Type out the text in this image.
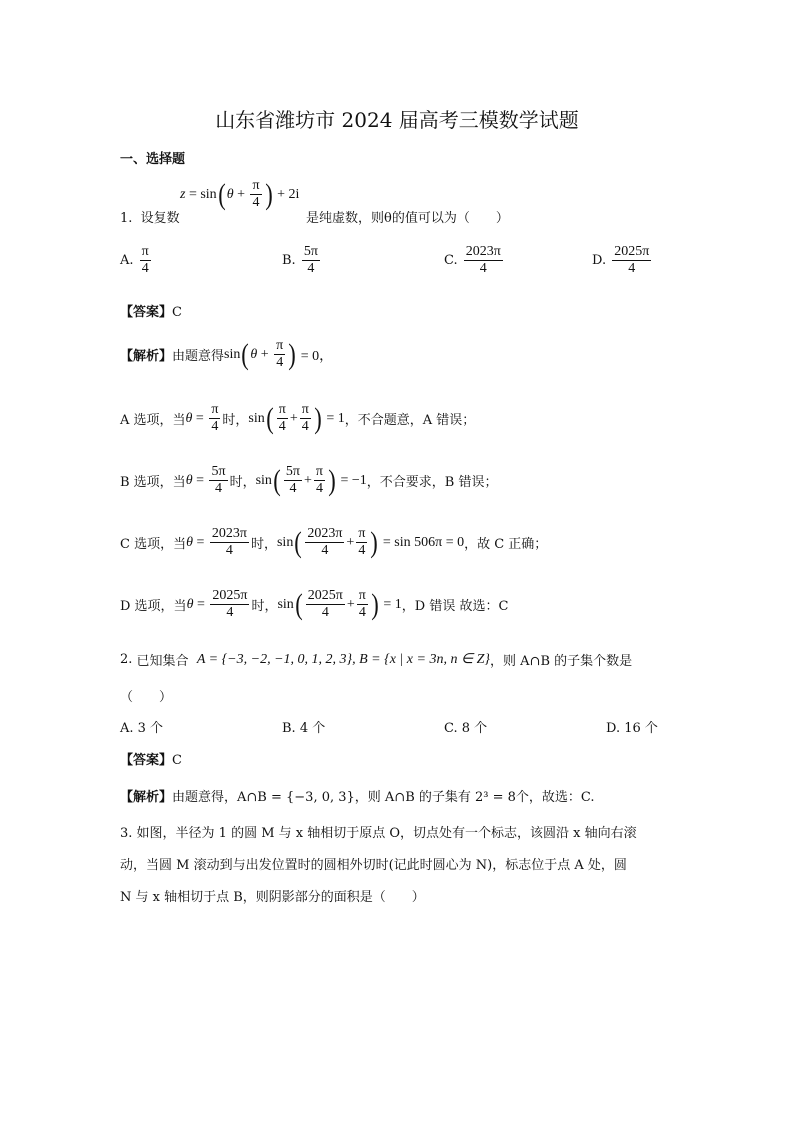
山东省潍坊市 2024 届高考三模数学试题
一、选择题
z = sin ( $\theta + \frac{\pi}{4}$ ) + 2i
1. 设复数	是纯虚数，则θ的值可以为（　　）
A.
$\frac{\pi}{4}$	B.
$\frac{5\pi}{4}$	C.
$\frac{2023\pi}{4}$	D.
$\frac{2025\pi}{4}$
【答案】C
【解析】 由题意得 sin ( $\theta + \frac{\pi}{4}$ ) = 0，
A 选项，当 $\theta = \frac{\pi}{4}$ 时， sin ( $\frac{\pi}{4} + \frac{\pi}{4}$ ) = 1 ，不合题意，A 错误；
B 选项，当 $\theta = \frac{5\pi}{4}$ 时， sin ( $\frac{5\pi}{4} + \frac{\pi}{4}$ ) = −1 ，不合要求，B 错误；
C 选项，当 $\theta = \frac{2023\pi}{4}$ 时， sin ( $\frac{2023\pi}{4} + \frac{\pi}{4}$ ) = sin 506π = 0 ，故 C 正确；
D 选项，当 $\theta = \frac{2025\pi}{4}$ 时， sin ( $\frac{2025\pi}{4} + \frac{\pi}{4}$ ) = 1 ，D 错误 故选：C
2.
已知集合
A = {−3, −2, −1, 0, 1, 2, 3} , B = {x | x = 3n, n ∈ Z} ，则 A∩B 的子集个数是
（　　）
A. 3 个	B. 4 个	C. 8 个	D. 16 个
【答案】C
【解析】由题意得，A∩B = {−3, 0, 3}，则 A∩B 的子集有 2³ = 8个，故选：C.
3. 如图，半径为 1 的圆 M 与 x 轴相切于原点 O，切点处有一个标志，该圆沿 x 轴向右滚
动，当圆 M 滚动到与出发位置时的圆相外切时(记此时圆心为 N)，标志位于点 A 处，圆
N 与 x 轴相切于点 B，则阴影部分的面积是（　　）
